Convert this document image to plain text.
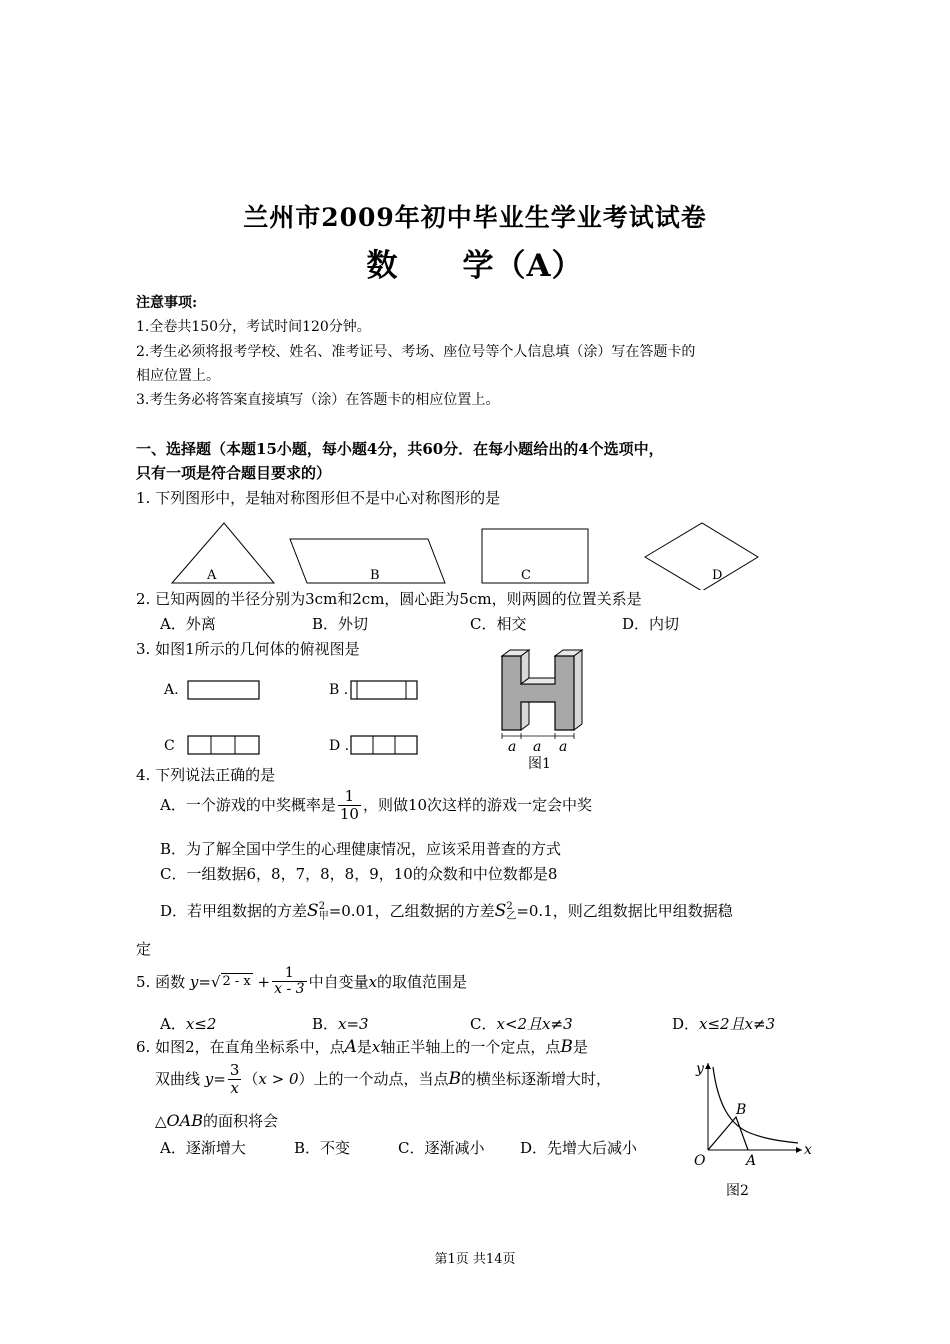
兰州市2009年初中毕业生学业考试试卷
数　　学（A）
注意事项:
1.全卷共150分，考试时间120分钟。
2.考生必须将报考学校、姓名、准考证号、考场、座位号等个人信息填（涂）写在答题卡的
相应位置上。
3.考生务必将答案直接填写（涂）在答题卡的相应位置上。
一、选择题（本题15小题，每小题4分，共60分．在每小题给出的4个选项中，
只有一项是符合题目要求的）
1. 下列图形中，是轴对称图形但不是中心对称图形的是
A	B	C	D
2. 已知两圆的半径分别为3cm和2cm，圆心距为5cm，则两圆的位置关系是
A．外离	B．外切	C．相交	D．内切
3. 如图1所示的几何体的俯视图是
A.	B .
C	D .	a a a
图1
4. 下列说法正确的是
A．一个游戏的中奖概率是 $\frac{1}{10}$ ，则做10次这样的游戏一定会中奖
B．为了解全国中学生的心理健康情况，应该采用普查的方式
C．一组数据6，8，7，8，8，9，10的众数和中位数都是8
D．若甲组数据的方差S 2
甲 =0.01，乙组数据的方差S 2
乙 =0.1，则乙组数据比甲组数据稳
定
5. 函数 y=√ $2 - x + \frac{1}{x - 3}$ 中自变量x的取值范围是
A．x≤2	B．x=3	C．x<2且x≠3	D．x≤2且x≠3
6. 如图2，在直角坐标系中，点A是x轴正半轴上的一个定点，点B是
双曲线 $y= \frac{3}{x} (x > 0)$上的一个动点，当点B的横坐标逐渐增大时，
△OAB的面积将会
A．逐渐增大	B．不变	C．逐渐减小 D．先增大后减小
y
x
O	A
B
图2
第1页 共14页
